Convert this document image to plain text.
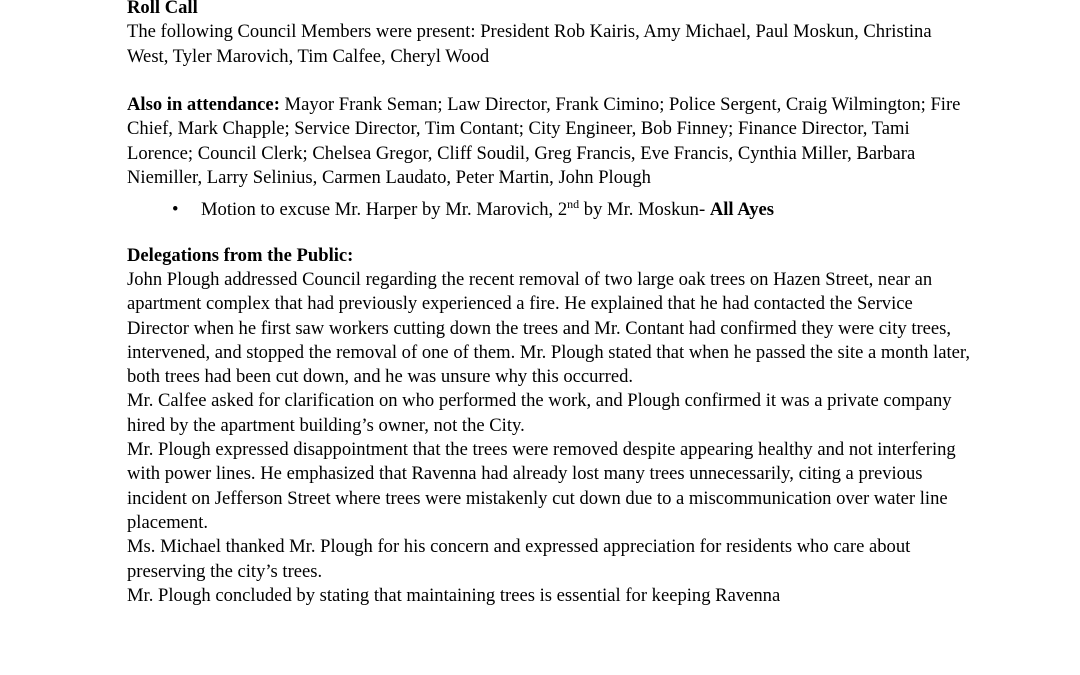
Roll Call

The following Council Members were present: President Rob Kairis, Amy Michael, Paul Moskun, Christina West, Tyler Marovich, Tim Calfee, Cheryl Wood

Also in attendance: Mayor Frank Seman; Law Director, Frank Cimino; Police Sergent, Craig Wilmington; Fire Chief, Mark Chapple; Service Director, Tim Contant; City Engineer, Bob Finney; Finance Director, Tami Lorence; Council Clerk; Chelsea Gregor, Cliff Soudil, Greg Francis, Eve Francis, Cynthia Miller, Barbara Niemiller, Larry Selinius, Carmen Laudato, Peter Martin, John Plough

•	Motion to excuse Mr. Harper by Mr. Marovich, 2nd by Mr. Moskun- All Ayes

Delegations from the Public:

John Plough addressed Council regarding the recent removal of two large oak trees on Hazen Street, near an apartment complex that had previously experienced a fire. He explained that he had contacted the Service Director when he first saw workers cutting down the trees and Mr. Contant had confirmed they were city trees, intervened, and stopped the removal of one of them. Mr. Plough stated that when he passed the site a month later, both trees had been cut down, and he was unsure why this occurred.

Mr. Calfee asked for clarification on who performed the work, and Plough confirmed it was a private company hired by the apartment building’s owner, not the City.

Mr. Plough expressed disappointment that the trees were removed despite appearing healthy and not interfering with power lines. He emphasized that Ravenna had already lost many trees unnecessarily, citing a previous incident on Jefferson Street where trees were mistakenly cut down due to a miscommunication over water line placement.

Ms. Michael thanked Mr. Plough for his concern and expressed appreciation for residents who care about preserving the city’s trees.

Mr. Plough concluded by stating that maintaining trees is essential for keeping Ravenna
